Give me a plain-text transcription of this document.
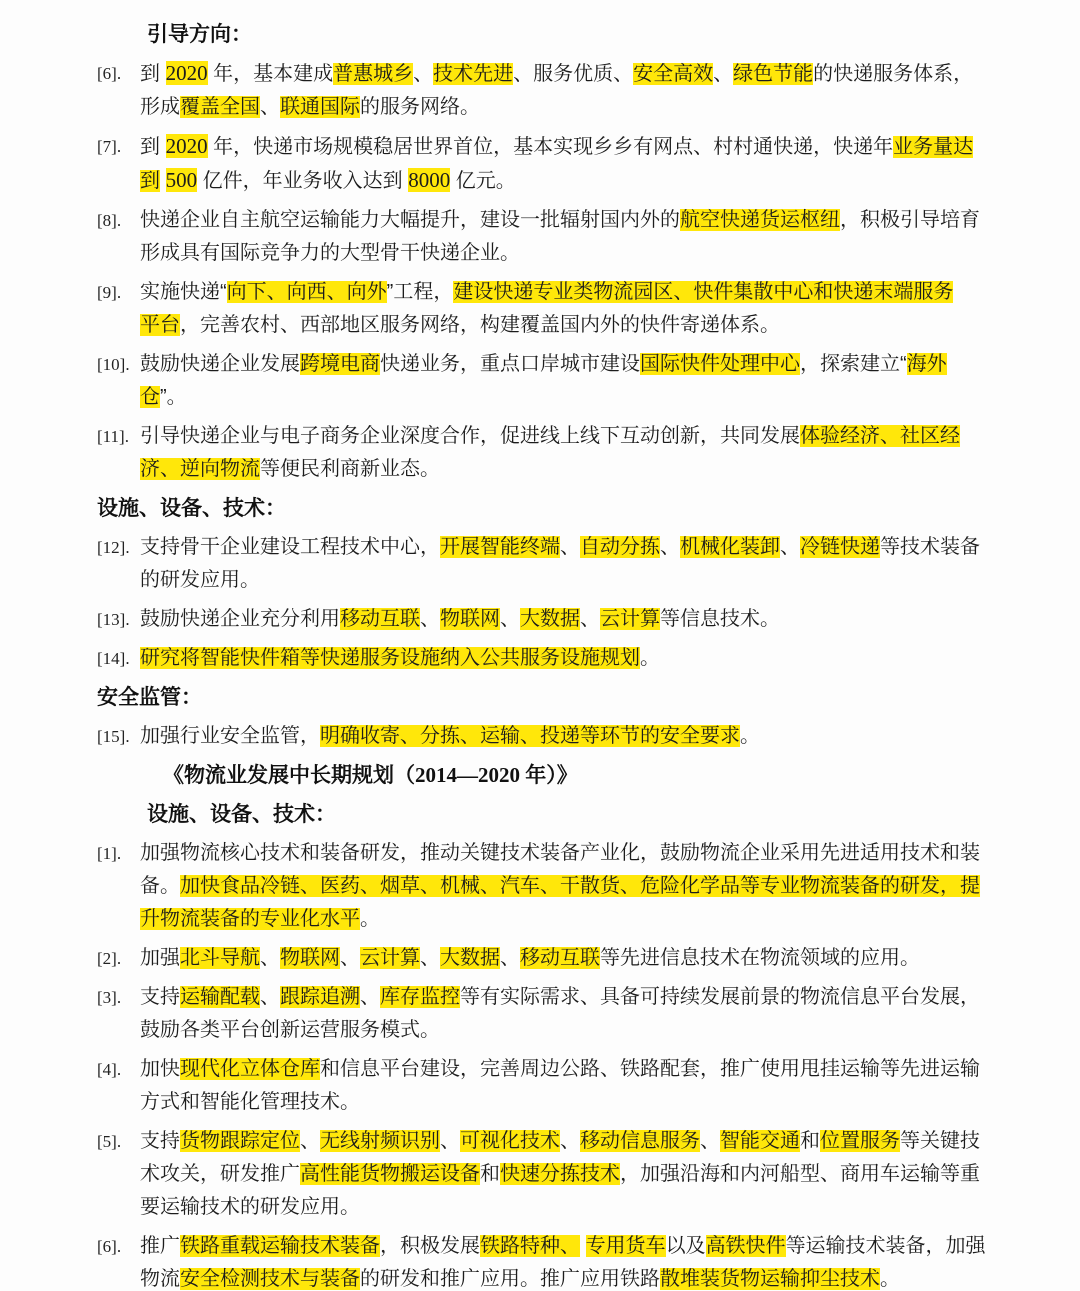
引导方向：
[6]. 到 2020 年，基本建成普惠城乡、技术先进、服务优质、安全高效、绿色节能的快递服务体系，
形成覆盖全国、联通国际的服务网络。
[7]. 到 2020 年，快递市场规模稳居世界首位，基本实现乡乡有网点、村村通快递，快递年业务量达
到 500 亿件，年业务收入达到 8000 亿元。
[8]. 快递企业自主航空运输能力大幅提升，建设一批辐射国内外的航空快递货运枢纽，积极引导培育
形成具有国际竞争力的大型骨干快递企业。
[9]. 实施快递“向下、向西、向外”工程，建设快递专业类物流园区、快件集散中心和快递末端服务
平台，完善农村、西部地区服务网络，构建覆盖国内外的快件寄递体系。
[10]. 鼓励快递企业发展跨境电商快递业务，重点口岸城市建设国际快件处理中心，探索建立“海外
仓”。
[11]. 引导快递企业与电子商务企业深度合作，促进线上线下互动创新，共同发展体验经济、社区经
济、逆向物流等便民利商新业态。
设施、设备、技术：
[12]. 支持骨干企业建设工程技术中心，开展智能终端、自动分拣、机械化装卸、冷链快递等技术装备
的研发应用。
[13]. 鼓励快递企业充分利用移动互联、物联网、大数据、云计算等信息技术。
[14]. 研究将智能快件箱等快递服务设施纳入公共服务设施规划。
安全监管：
[15]. 加强行业安全监管，明确收寄、分拣、运输、投递等环节的安全要求。
《物流业发展中长期规划（2014—2020 年）》
设施、设备、技术：
[1]. 加强物流核心技术和装备研发，推动关键技术装备产业化，鼓励物流企业采用先进适用技术和装
备。加快食品冷链、医药、烟草、机械、汽车、干散货、危险化学品等专业物流装备的研发，提
升物流装备的专业化水平。
[2]. 加强北斗导航、物联网、云计算、大数据、移动互联等先进信息技术在物流领域的应用。
[3]. 支持运输配载、跟踪追溯、库存监控等有实际需求、具备可持续发展前景的物流信息平台发展，
鼓励各类平台创新运营服务模式。
[4]. 加快现代化立体仓库和信息平台建设，完善周边公路、铁路配套，推广使用甩挂运输等先进运输
方式和智能化管理技术。
[5]. 支持货物跟踪定位、无线射频识别、可视化技术、移动信息服务、智能交通和位置服务等关键技
术攻关，研发推广高性能货物搬运设备和快速分拣技术，加强沿海和内河船型、商用车运输等重
要运输技术的研发应用。
[6]. 推广铁路重载运输技术装备，积极发展铁路特种、 专用货车以及高铁快件等运输技术装备，加强
物流安全检测技术与装备的研发和推广应用。推广应用铁路散堆装货物运输抑尘技术。
